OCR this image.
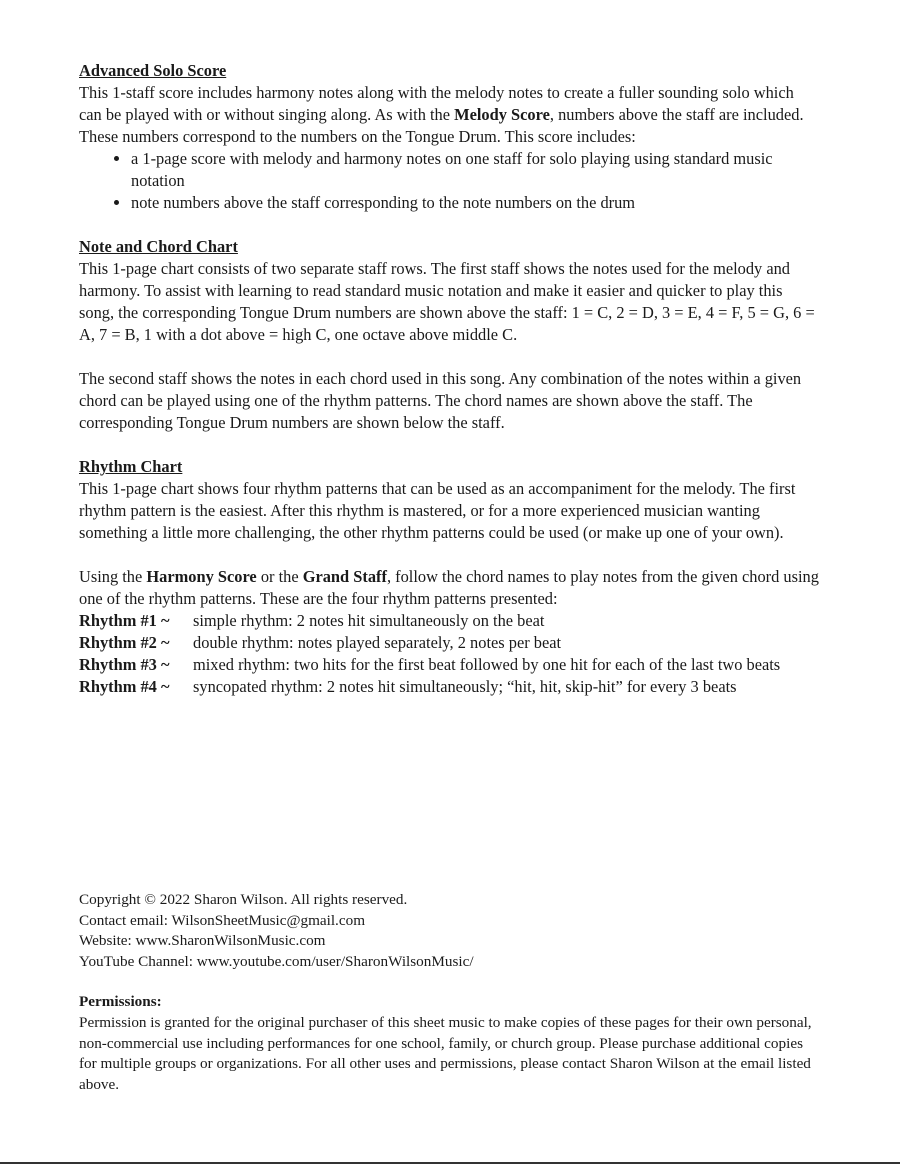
Advanced Solo Score

This 1-staff score includes harmony notes along with the melody notes to create a fuller sounding solo which can be played with or without singing along. As with the Melody Score, numbers above the staff are included. These numbers correspond to the numbers on the Tongue Drum. This score includes:

• a 1-page score with melody and harmony notes on one staff for solo playing using standard music notation
• note numbers above the staff corresponding to the note numbers on the drum

Note and Chord Chart

This 1-page chart consists of two separate staff rows. The first staff shows the notes used for the melody and harmony. To assist with learning to read standard music notation and make it easier and quicker to play this song, the corresponding Tongue Drum numbers are shown above the staff: 1 = C, 2 = D, 3 = E, 4 = F, 5 = G, 6 = A, 7 = B, 1 with a dot above = high C, one octave above middle C.

The second staff shows the notes in each chord used in this song. Any combination of the notes within a given chord can be played using one of the rhythm patterns. The chord names are shown above the staff. The corresponding Tongue Drum numbers are shown below the staff.

Rhythm Chart

This 1-page chart shows four rhythm patterns that can be used as an accompaniment for the melody. The first rhythm pattern is the easiest. After this rhythm is mastered, or for a more experienced musician wanting something a little more challenging, the other rhythm patterns could be used (or make up one of your own).

Using the Harmony Score or the Grand Staff, follow the chord names to play notes from the given chord using one of the rhythm patterns. These are the four rhythm patterns presented:

Rhythm #1 ~	simple rhythm: 2 notes hit simultaneously on the beat
Rhythm #2 ~	double rhythm: notes played separately, 2 notes per beat
Rhythm #3 ~	mixed rhythm: two hits for the first beat followed by one hit for each of the last two beats
Rhythm #4 ~	syncopated rhythm: 2 notes hit simultaneously; “hit, hit, skip-hit” for every 3 beats

Copyright © 2022 Sharon Wilson. All rights reserved.

Contact email: WilsonSheetMusic@gmail.com

Website: www.SharonWilsonMusic.com

YouTube Channel: www.youtube.com/user/SharonWilsonMusic/

Permissions:

Permission is granted for the original purchaser of this sheet music to make copies of these pages for their own personal, non-commercial use including performances for one school, family, or church group. Please purchase additional copies for multiple groups or organizations. For all other uses and permissions, please contact Sharon Wilson at the email listed above.
